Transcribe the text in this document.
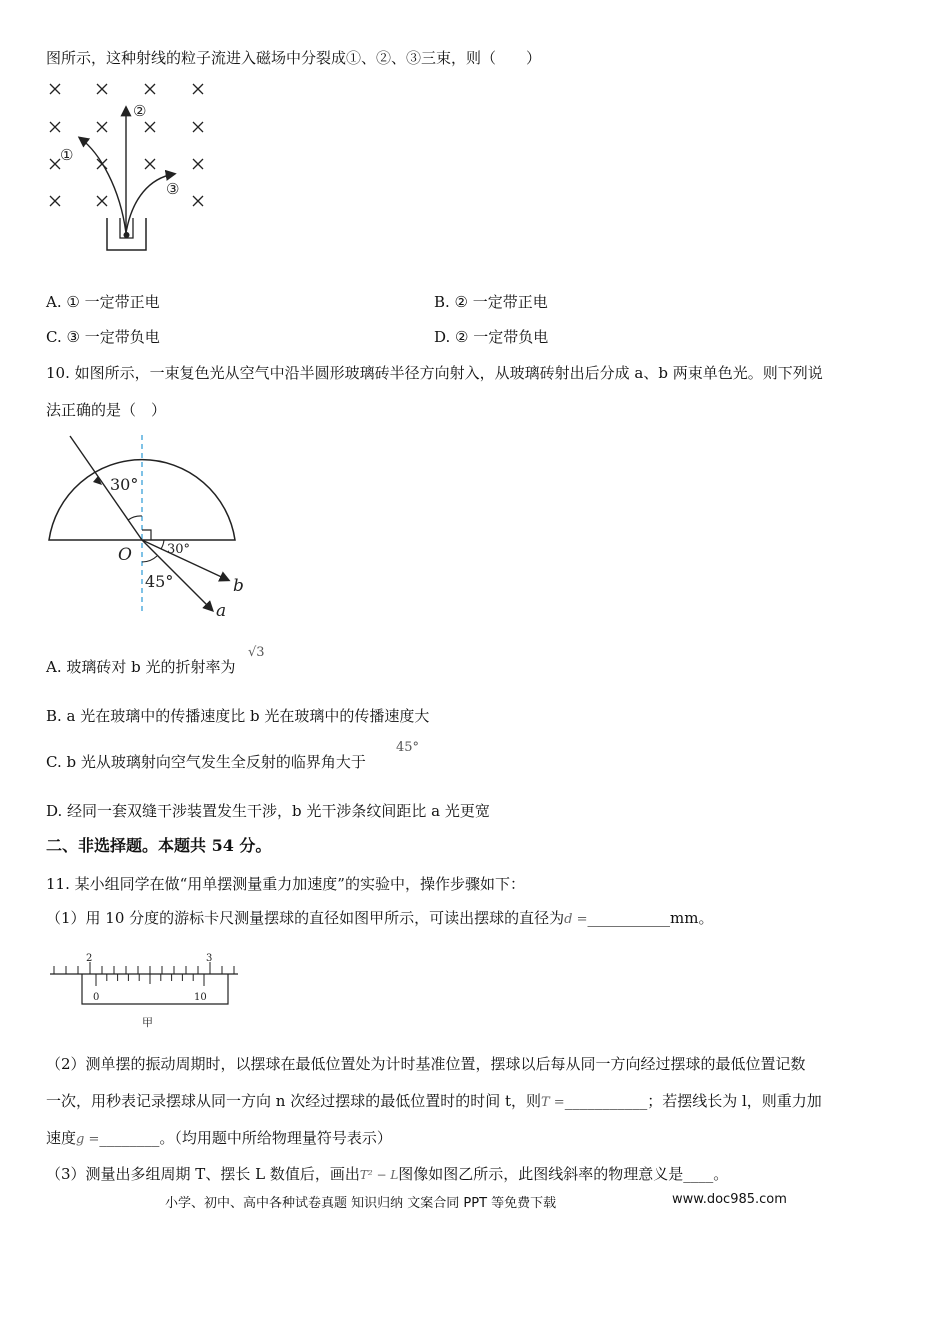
图所示，这种射线的粒子流进入磁场中分裂成①、②、③三束，则（　　）
①
②
③
A. ① 一定带正电	B. ② 一定带正电
C. ③ 一定带负电	D. ② 一定带负电
10. 如图所示，一束复色光从空气中沿半圆形玻璃砖半径方向射入，从玻璃砖射出后分成 a、b 两束单色光。则下列说
法正确的是（　）
30°
30°
45°
O
b
a
A. 玻璃砖对 b 光的折射率为
√3
B. a 光在玻璃中的传播速度比 b 光在玻璃中的传播速度大
C. b 光从玻璃射向空气发生全反射的临界角大于
45°
D. 经同一套双缝干涉装置发生干涉，b 光干涉条纹间距比 a 光更宽
二、非选择题。本题共 54 分。
11. 某小组同学在做“用单摆测量重力加速度”的实验中，操作步骤如下：
（1）用 10 分度的游标卡尺测量摆球的直径如图甲所示，可读出摆球的直径为d =___________mm。
2	3
0	10
甲
（2）测单摆的振动周期时，以摆球在最低位置处为计时基准位置，摆球以后每从同一方向经过摆球的最低位置记数
一次，用秒表记录摆球从同一方向 n 次经过摆球的最低位置时的时间 t，则T =___________；若摆线长为 l，则重力加
速度g =________。（均用题中所给物理量符号表示）
（3）测量出多组周期 T、摆长 L 数值后，画出T² − L图像如图乙所示，此图线斜率的物理意义是____。
小学、初中、高中各种试卷真题 知识归纳 文案合同 PPT 等免费下载	www.doc985.com
